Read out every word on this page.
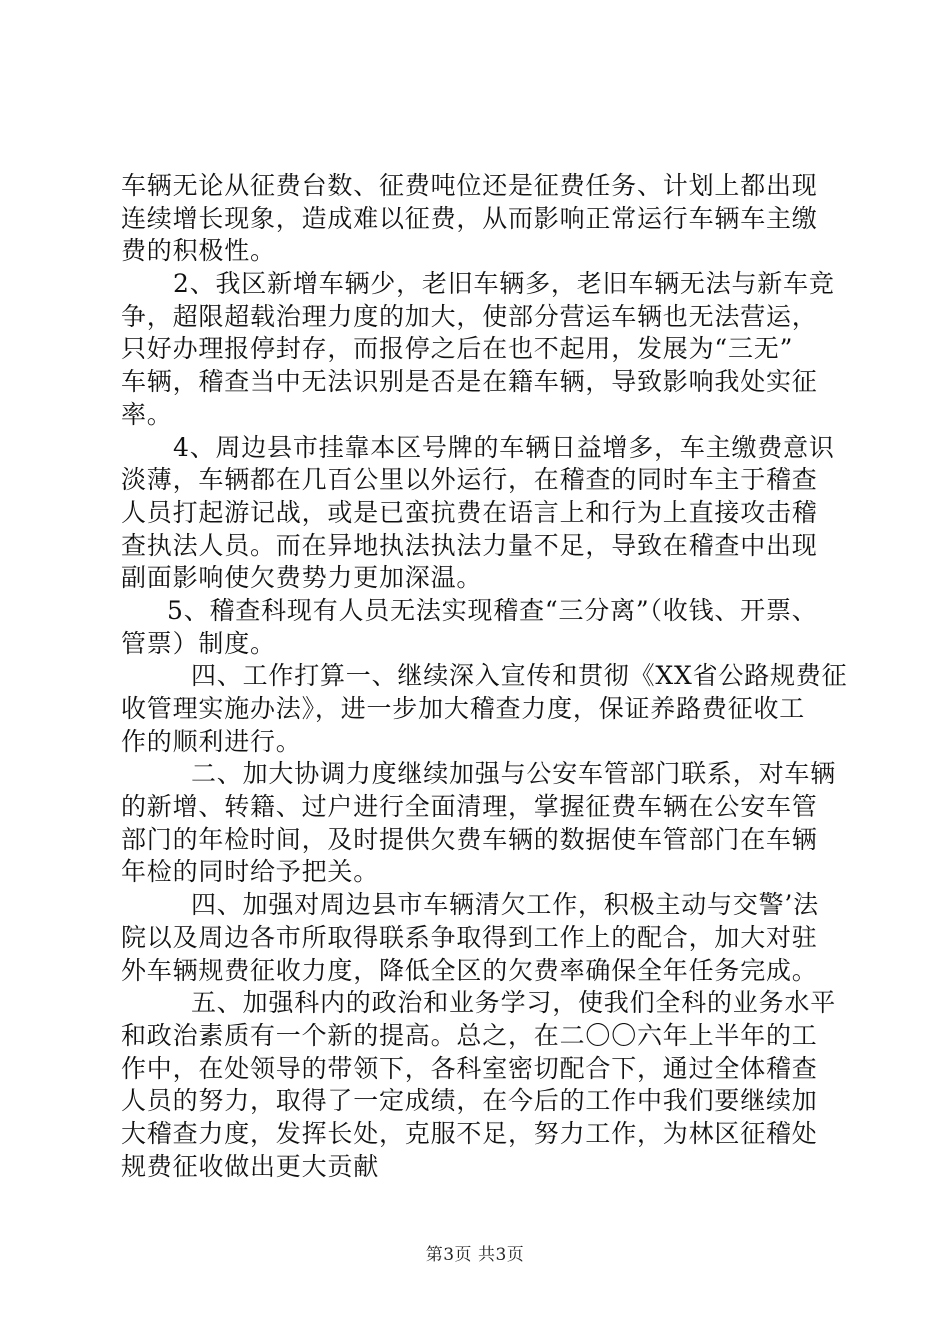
车辆无论从征费台数、征费吨位还是征费任务、计划上都出现
连续增长现象，造成难以征费，从而影响正常运行车辆车主缴
费的积极性。
2、我区新增车辆少，老旧车辆多，老旧车辆无法与新车竞
争，超限超载治理力度的加大，使部分营运车辆也无法营运，
只好办理报停封存，而报停之后在也不起用，发展为“三无”
车辆，稽查当中无法识别是否是在籍车辆，导致影响我处实征
率。
4、周边县市挂靠本区号牌的车辆日益增多，车主缴费意识
淡薄，车辆都在几百公里以外运行，在稽查的同时车主于稽查
人员打起游记战，或是已蛮抗费在语言上和行为上直接攻击稽
查执法人员。而在异地执法执法力量不足，导致在稽查中出现
副面影响使欠费势力更加深温。
5、稽查科现有人员无法实现稽查“三分离”（收钱、开票、
管票）制度。
四、工作打算一、继续深入宣传和贯彻《XX省公路规费征
收管理实施办法》，进一步加大稽查力度，保证养路费征收工
作的顺利进行。
二、加大协调力度继续加强与公安车管部门联系，对车辆
的新增、转籍、过户进行全面清理，掌握征费车辆在公安车管
部门的年检时间，及时提供欠费车辆的数据使车管部门在车辆
年检的同时给予把关。
四、加强对周边县市车辆清欠工作，积极主动与交警’法
院以及周边各市所取得联系争取得到工作上的配合，加大对驻
外车辆规费征收力度，降低全区的欠费率确保全年任务完成。
五、加强科内的政治和业务学习，使我们全科的业务水平
和政治素质有一个新的提高。总之，在二〇〇六年上半年的工
作中，在处领导的带领下，各科室密切配合下，通过全体稽查
人员的努力，取得了一定成绩，在今后的工作中我们要继续加
大稽查力度，发挥长处，克服不足，努力工作，为林区征稽处
规费征收做出更大贡献
第3页 共3页
